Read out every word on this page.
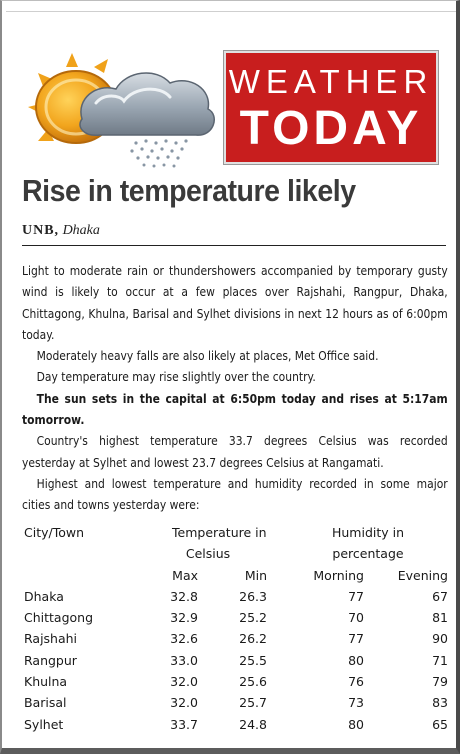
WEATHER
TODAY
Rise in temperature likely
UNB, Dhaka

Light to moderate rain or thundershowers accompanied by temporary gusty wind is likely to occur at a few places over Rajshahi, Rangpur, Dhaka, Chittagong, Khulna, Barisal and Sylhet divisions in next 12 hours as of 6:00pm today.

Moderately heavy falls are also likely at places, Met Office said.

Day temperature may rise slightly over the country.

The sun sets in the capital at 6:50pm today and rises at 5:17am tomorrow.

Country's highest temperature 33.7 degrees Celsius was recorded yesterday at Sylhet and lowest 23.7 degrees Celsius at Rangamati.

Highest and lowest temperature and humidity recorded in some major cities and towns yesterday were:

City/Town	Temperature in	Humidity in
Celsius	percentage
Max	Min	Morning	Evening
Dhaka	32.8	26.3	77	67
Chittagong	32.9	25.2	70	81
Rajshahi	32.6	26.2	77	90
Rangpur	33.0	25.5	80	71
Khulna	32.0	25.6	76	79
Barisal	32.0	25.7	73	83
Sylhet	33.7	24.8	80	65
